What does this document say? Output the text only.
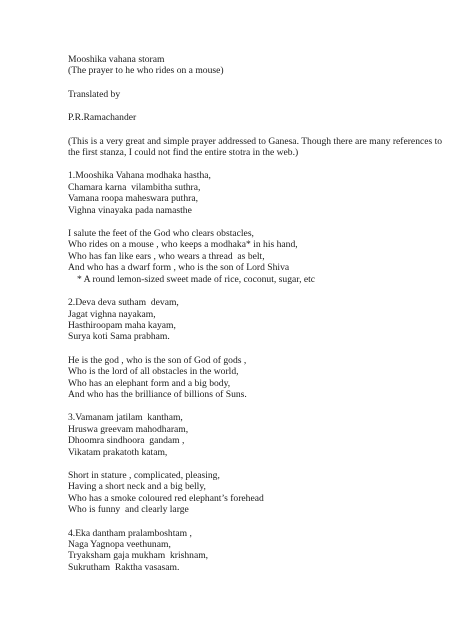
Mooshika vahana storam
(The prayer to he who rides on a mouse)
Translated by
P.R.Ramachander
(This is a very great and simple prayer addressed to Ganesa. Though there are many references to the first stanza, I could not find the entire stotra in the web.)
1.Mooshika Vahana modhaka hastha,
Chamara karna  vilambitha suthra,
Vamana roopa maheswara puthra,
Vighna vinayaka pada namasthe
I salute the feet of the God who clears obstacles,
Who rides on a mouse , who keeps a modhaka* in his hand,
Who has fan like ears , who wears a thread  as belt,
And who has a dwarf form , who is the son of Lord Shiva
* A round lemon-sized sweet made of rice, coconut, sugar, etc
2.Deva deva sutham  devam,
Jagat vighna nayakam,
Hasthiroopam maha kayam,
Surya koti Sama prabham.
He is the god , who is the son of God of gods ,
Who is the lord of all obstacles in the world,
Who has an elephant form and a big body,
And who has the brilliance of billions of Suns.
3.Vamanam jatilam  kantham,
Hruswa greevam mahodharam,
Dhoomra sindhoora  gandam ,
Vikatam prakatoth katam,
Short in stature , complicated, pleasing,
Having a short neck and a big belly,
Who has a smoke coloured red elephant’s forehead
Who is funny  and clearly large
4.Eka dantham pralamboshtam ,
Naga Yagnopa veethunam,
Tryaksham gaja mukham  krishnam,
Sukrutham  Raktha vasasam.
